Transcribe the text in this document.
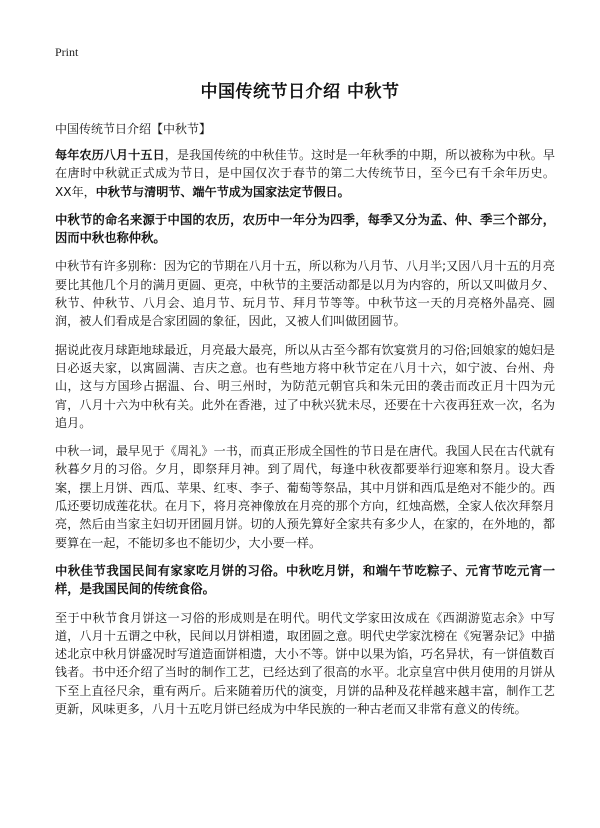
Print
中国传统节日介绍 中秋节
中国传统节日介绍【中秋节】

每年农历八月十五日，是我国传统的中秋佳节。这时是一年秋季的中期，所以被称为中秋。早在唐时中秋就正式成为节日，是中国仅次于春节的第二大传统节日，至今已有千余年历史。XX年，中秋节与清明节、端午节成为国家法定节假日。

中秋节的命名来源于中国的农历，农历中一年分为四季，每季又分为孟、仲、季三个部分，因而中秋也称仲秋。

中秋节有许多别称：因为它的节期在八月十五，所以称为八月节、八月半;又因八月十五的月亮要比其他几个月的满月更圆、更亮，中秋节的主要活动都是以月为内容的，所以又叫做月夕、秋节、仲秋节、八月会、追月节、玩月节、拜月节等等。中秋节这一天的月亮格外晶亮、圆润，被人们看成是合家团圆的象征，因此，又被人们叫做团圆节。

据说此夜月球距地球最近，月亮最大最亮，所以从古至今都有饮宴赏月的习俗;回娘家的媳妇是日必返夫家，以寓圆满、吉庆之意。也有些地方将中秋节定在八月十六，如宁波、台州、舟山，这与方国珍占据温、台、明三州时，为防范元朝官兵和朱元田的袭击而改正月十四为元宵，八月十六为中秋有关。此外在香港，过了中秋兴犹未尽，还要在十六夜再狂欢一次，名为追月。

中秋一词，最早见于《周礼》一书，而真正形成全国性的节日是在唐代。我国人民在古代就有秋暮夕月的习俗。夕月，即祭拜月神。到了周代，每逢中秋夜都要举行迎寒和祭月。设大香案，摆上月饼、西瓜、苹果、红枣、李子、葡萄等祭品，其中月饼和西瓜是绝对不能少的。西瓜还要切成莲花状。在月下，将月亮神像放在月亮的那个方向，红烛高燃，全家人依次拜祭月亮，然后由当家主妇切开团圆月饼。切的人预先算好全家共有多少人，在家的，在外地的，都要算在一起，不能切多也不能切少，大小要一样。

中秋佳节我国民间有家家吃月饼的习俗。中秋吃月饼，和端午节吃粽子、元宵节吃元宵一样，是我国民间的传统食俗。

至于中秋节食月饼这一习俗的形成则是在明代。明代文学家田汝成在《西湖游览志余》中写道，八月十五谓之中秋，民间以月饼相遗，取团圆之意。明代史学家沈榜在《宛署杂记》中描述北京中秋月饼盛况时写道造面饼相遗，大小不等。饼中以果为馅，巧名异状，有一饼值数百钱者。书中还介绍了当时的制作工艺，已经达到了很高的水平。北京皇宫中供月使用的月饼从下至上直径尺余，重有两斤。后来随着历代的演变，月饼的品种及花样越来越丰富，制作工艺更新，风味更多，八月十五吃月饼已经成为中华民族的一种古老而又非常有意义的传统。
